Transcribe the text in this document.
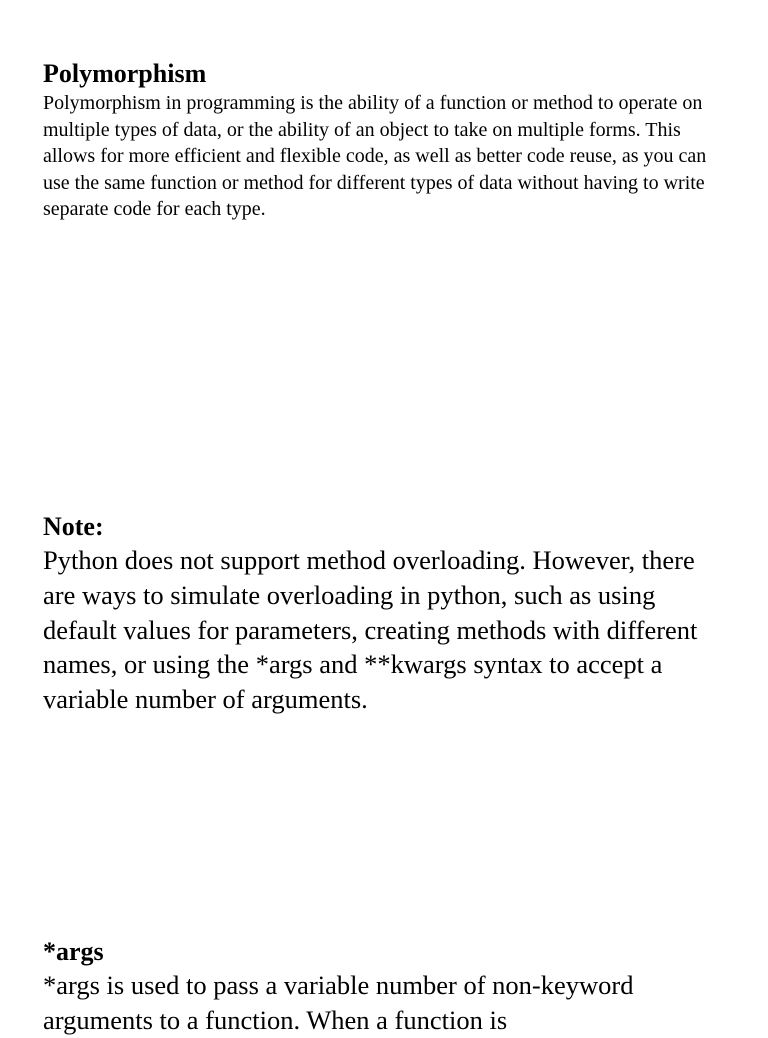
Polymorphism

Polymorphism in programming is the ability of a function or method to operate on multiple types of data, or the ability of an object to take on multiple forms. This allows for more efficient and flexible code, as well as better code reuse, as you can use the same function or method for different types of data without having to write separate code for each type.

Note:

Python does not support method overloading. However, there are ways to simulate overloading in python, such as using default values for parameters, creating methods with different names, or using the *args and **kwargs syntax to accept a variable number of arguments.

*args

*args is used to pass a variable number of non-keyword arguments to a function. When a function is
